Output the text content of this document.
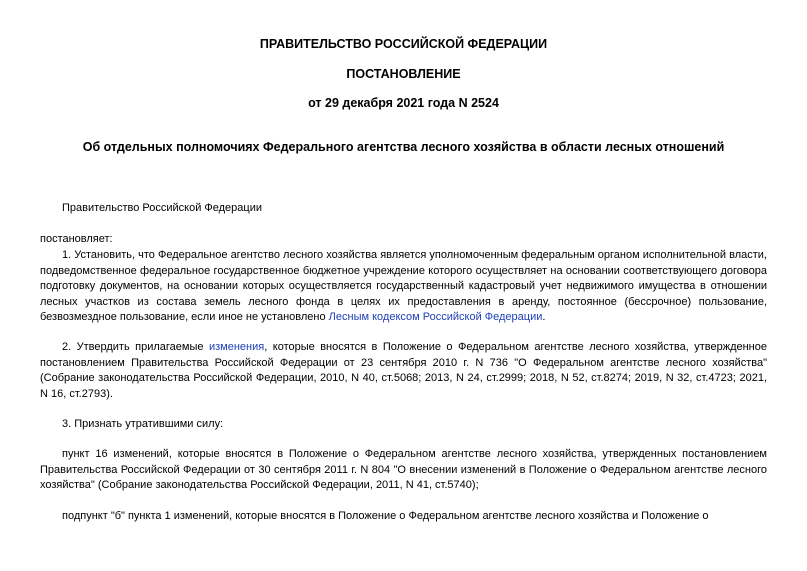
ПРАВИТЕЛЬСТВО РОССИЙСКОЙ ФЕДЕРАЦИИ
ПОСТАНОВЛЕНИЕ
от 29 декабря 2021 года N 2524
Об отдельных полномочиях Федерального агентства лесного хозяйства в области лесных отношений
Правительство Российской Федерации
постановляет:
1. Установить, что Федеральное агентство лесного хозяйства является уполномоченным федеральным органом исполнительной власти, подведомственное федеральное государственное бюджетное учреждение которого осуществляет на основании соответствующего договора подготовку документов, на основании которых осуществляется государственный кадастровый учет недвижимого имущества в отношении лесных участков из состава земель лесного фонда в целях их предоставления в аренду, постоянное (бессрочное) пользование, безвозмездное пользование, если иное не установлено Лесным кодексом Российской Федерации.
2. Утвердить прилагаемые изменения, которые вносятся в Положение о Федеральном агентстве лесного хозяйства, утвержденное постановлением Правительства Российской Федерации от 23 сентября 2010 г. N 736 "О Федеральном агентстве лесного хозяйства" (Собрание законодательства Российской Федерации, 2010, N 40, ст.5068; 2013, N 24, ст.2999; 2018, N 52, ст.8274; 2019, N 32, ст.4723; 2021, N 16, ст.2793).
3. Признать утратившими силу:
пункт 16 изменений, которые вносятся в Положение о Федеральном агентстве лесного хозяйства, утвержденных постановлением Правительства Российской Федерации от 30 сентября 2011 г. N 804 "О внесении изменений в Положение о Федеральном агентстве лесного хозяйства" (Собрание законодательства Российской Федерации, 2011, N 41, ст.5740);
подпункт "б" пункта 1 изменений, которые вносятся в Положение о Федеральном агентстве лесного хозяйства и Положение о
